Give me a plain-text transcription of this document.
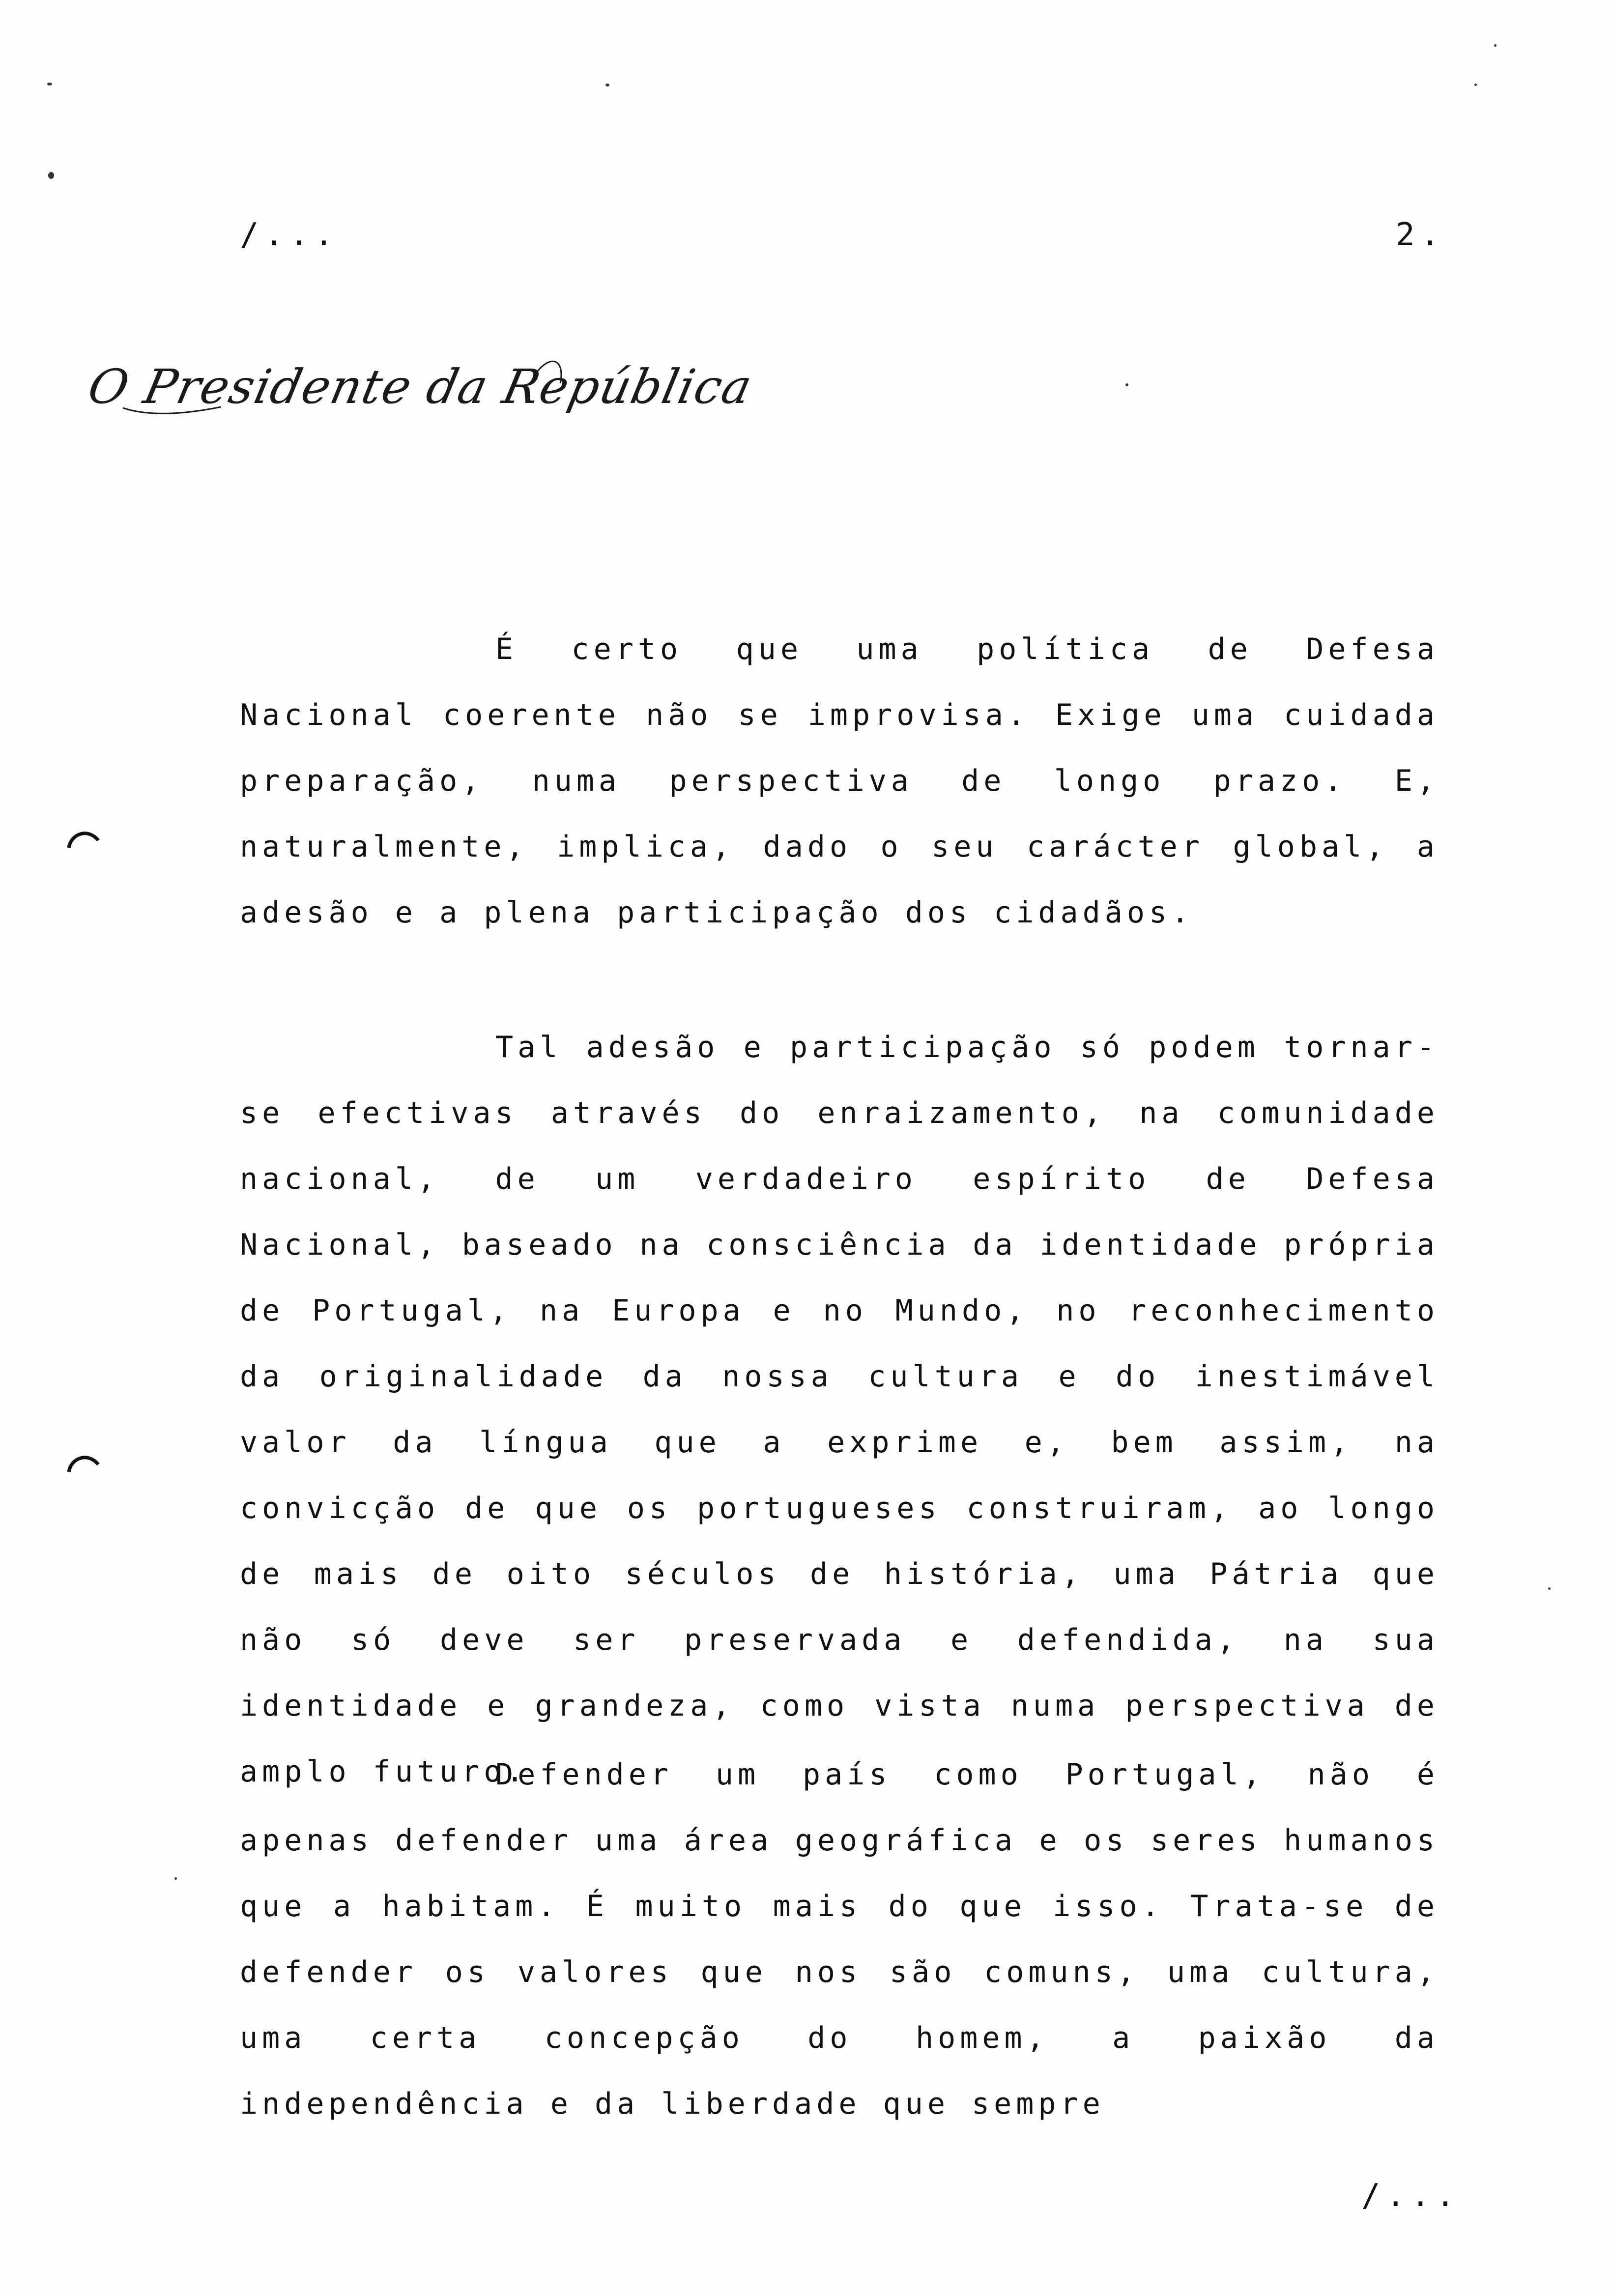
/...	2.
O Presidente da República

É certo que uma política de Defesa Nacional coerente não se improvisa. Exige uma cuidada preparação, numa perspectiva de longo prazo. E, naturalmente, implica, dado o seu carácter global, a adesão e a plena participação dos cidadãos.

Tal adesão e participação só podem tornar-se efectivas através do enraizamento, na comunidade nacional, de um verdadeiro espírito de Defesa Nacional, baseado na consciência da identidade própria de Portugal, na Europa e no Mundo, no reconhecimento da originalidade da nossa cultura e do inestimável valor da língua que a exprime e, bem assim, na convicção de que os portugueses construiram, ao longo de mais de oito séculos de história, uma Pátria que não só deve ser preservada e defendida, na sua identidade e grandeza, como vista numa perspectiva de amplo futuro.

Defender um país como Portugal, não é apenas defender uma área geográfica e os seres humanos que a habitam. É muito mais do que isso. Trata-se de defender os valores que nos são comuns, uma cultura, uma certa concepção do homem, a paixão da independência e da liberdade que sempre

/...
